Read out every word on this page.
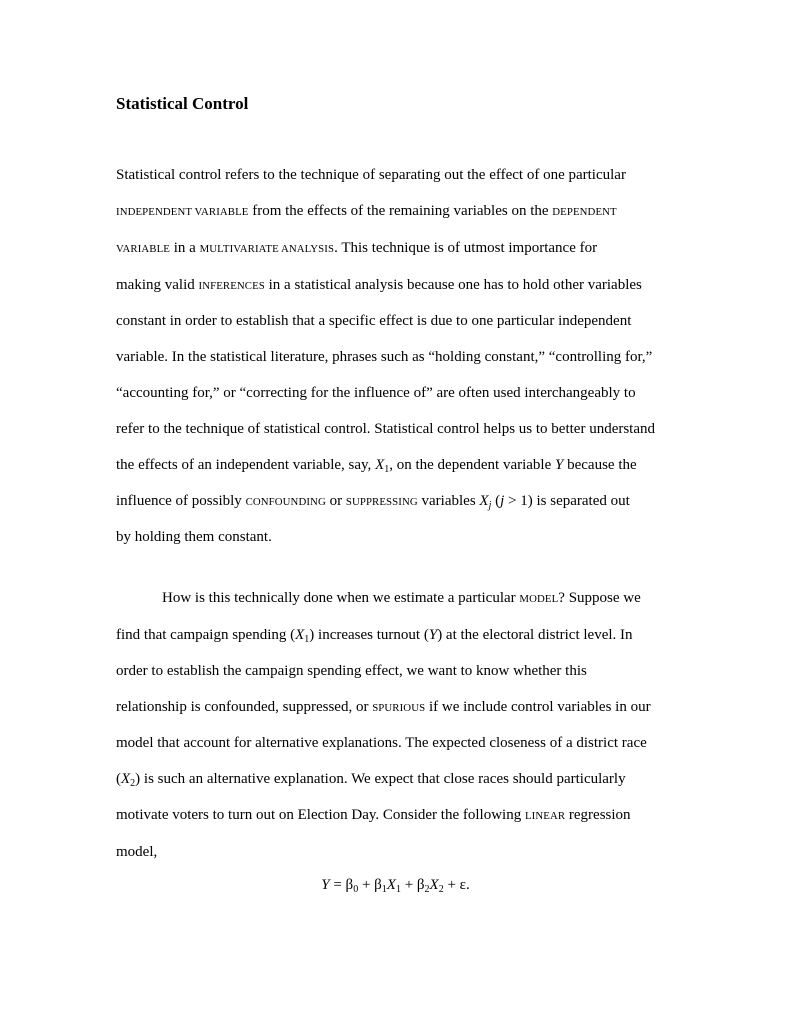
Statistical Control
Statistical control refers to the technique of separating out the effect of one particular
INDEPENDENT VARIABLE from the effects of the remaining variables on the DEPENDENT
VARIABLE in a MULTIVARIATE ANALYSIS. This technique is of utmost importance for
making valid INFERENCES in a statistical analysis because one has to hold other variables
constant in order to establish that a specific effect is due to one particular independent
variable. In the statistical literature, phrases such as “holding constant,” “controlling for,”
“accounting for,” or “correcting for the influence of” are often used interchangeably to
refer to the technique of statistical control. Statistical control helps us to better understand
the effects of an independent variable, say, $X_1$, on the dependent variable Y because the
influence of possibly CONFOUNDING or SUPPRESSING variables $X_j$ (j > 1) is separated out
by holding them constant.
How is this technically done when we estimate a particular MODEL? Suppose we
find that campaign spending $(X_1)$ increases turnout (Y) at the electoral district level. In
order to establish the campaign spending effect, we want to know whether this
relationship is confounded, suppressed, or SPURIOUS if we include control variables in our
model that account for alternative explanations. The expected closeness of a district race
$(X_2)$ is such an alternative explanation. We expect that close races should particularly
motivate voters to turn out on Election Day. Consider the following LINEAR regression
model,
$Y = \beta_0 + \beta_1X_1 + \beta_2X_2 + \varepsilon$.
